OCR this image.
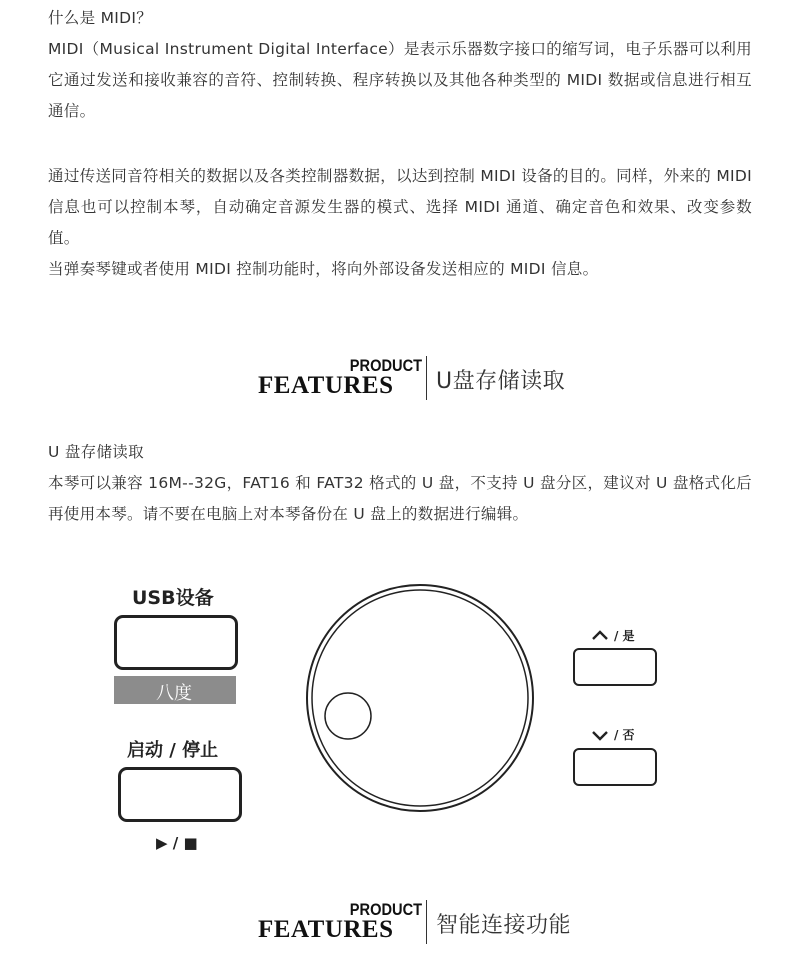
什么是 MIDI？

MIDI（Musical Instrument Digital Interface）是表示乐器数字接口的缩写词，电子乐器可以利用它通过发送和接收兼容的音符、控制转换、程序转换以及其他各种类型的 MIDI 数据或信息进行相互通信。

通过传送同音符相关的数据以及各类控制器数据，以达到控制 MIDI 设备的目的。同样，外来的 MIDI 信息也可以控制本琴，自动确定音源发生器的模式、选择 MIDI 通道、确定音色和效果、改变参数值。

当弹奏琴键或者使用 MIDI 控制功能时，将向外部设备发送相应的 MIDI 信息。

PRODUCT
FEATURES U盘存储读取

U 盘存储读取

本琴可以兼容 16M--32G，FAT16 和 FAT32 格式的 U 盘，不支持 U 盘分区，建议对 U 盘格式化后再使用本琴。请不要在电脑上对本琴备份在 U 盘上的数据进行编辑。

USB设备
八度
启动 / 停止
▶ / ■
/ 是
/ 否
PRODUCT
FEATURES 智能连接功能
